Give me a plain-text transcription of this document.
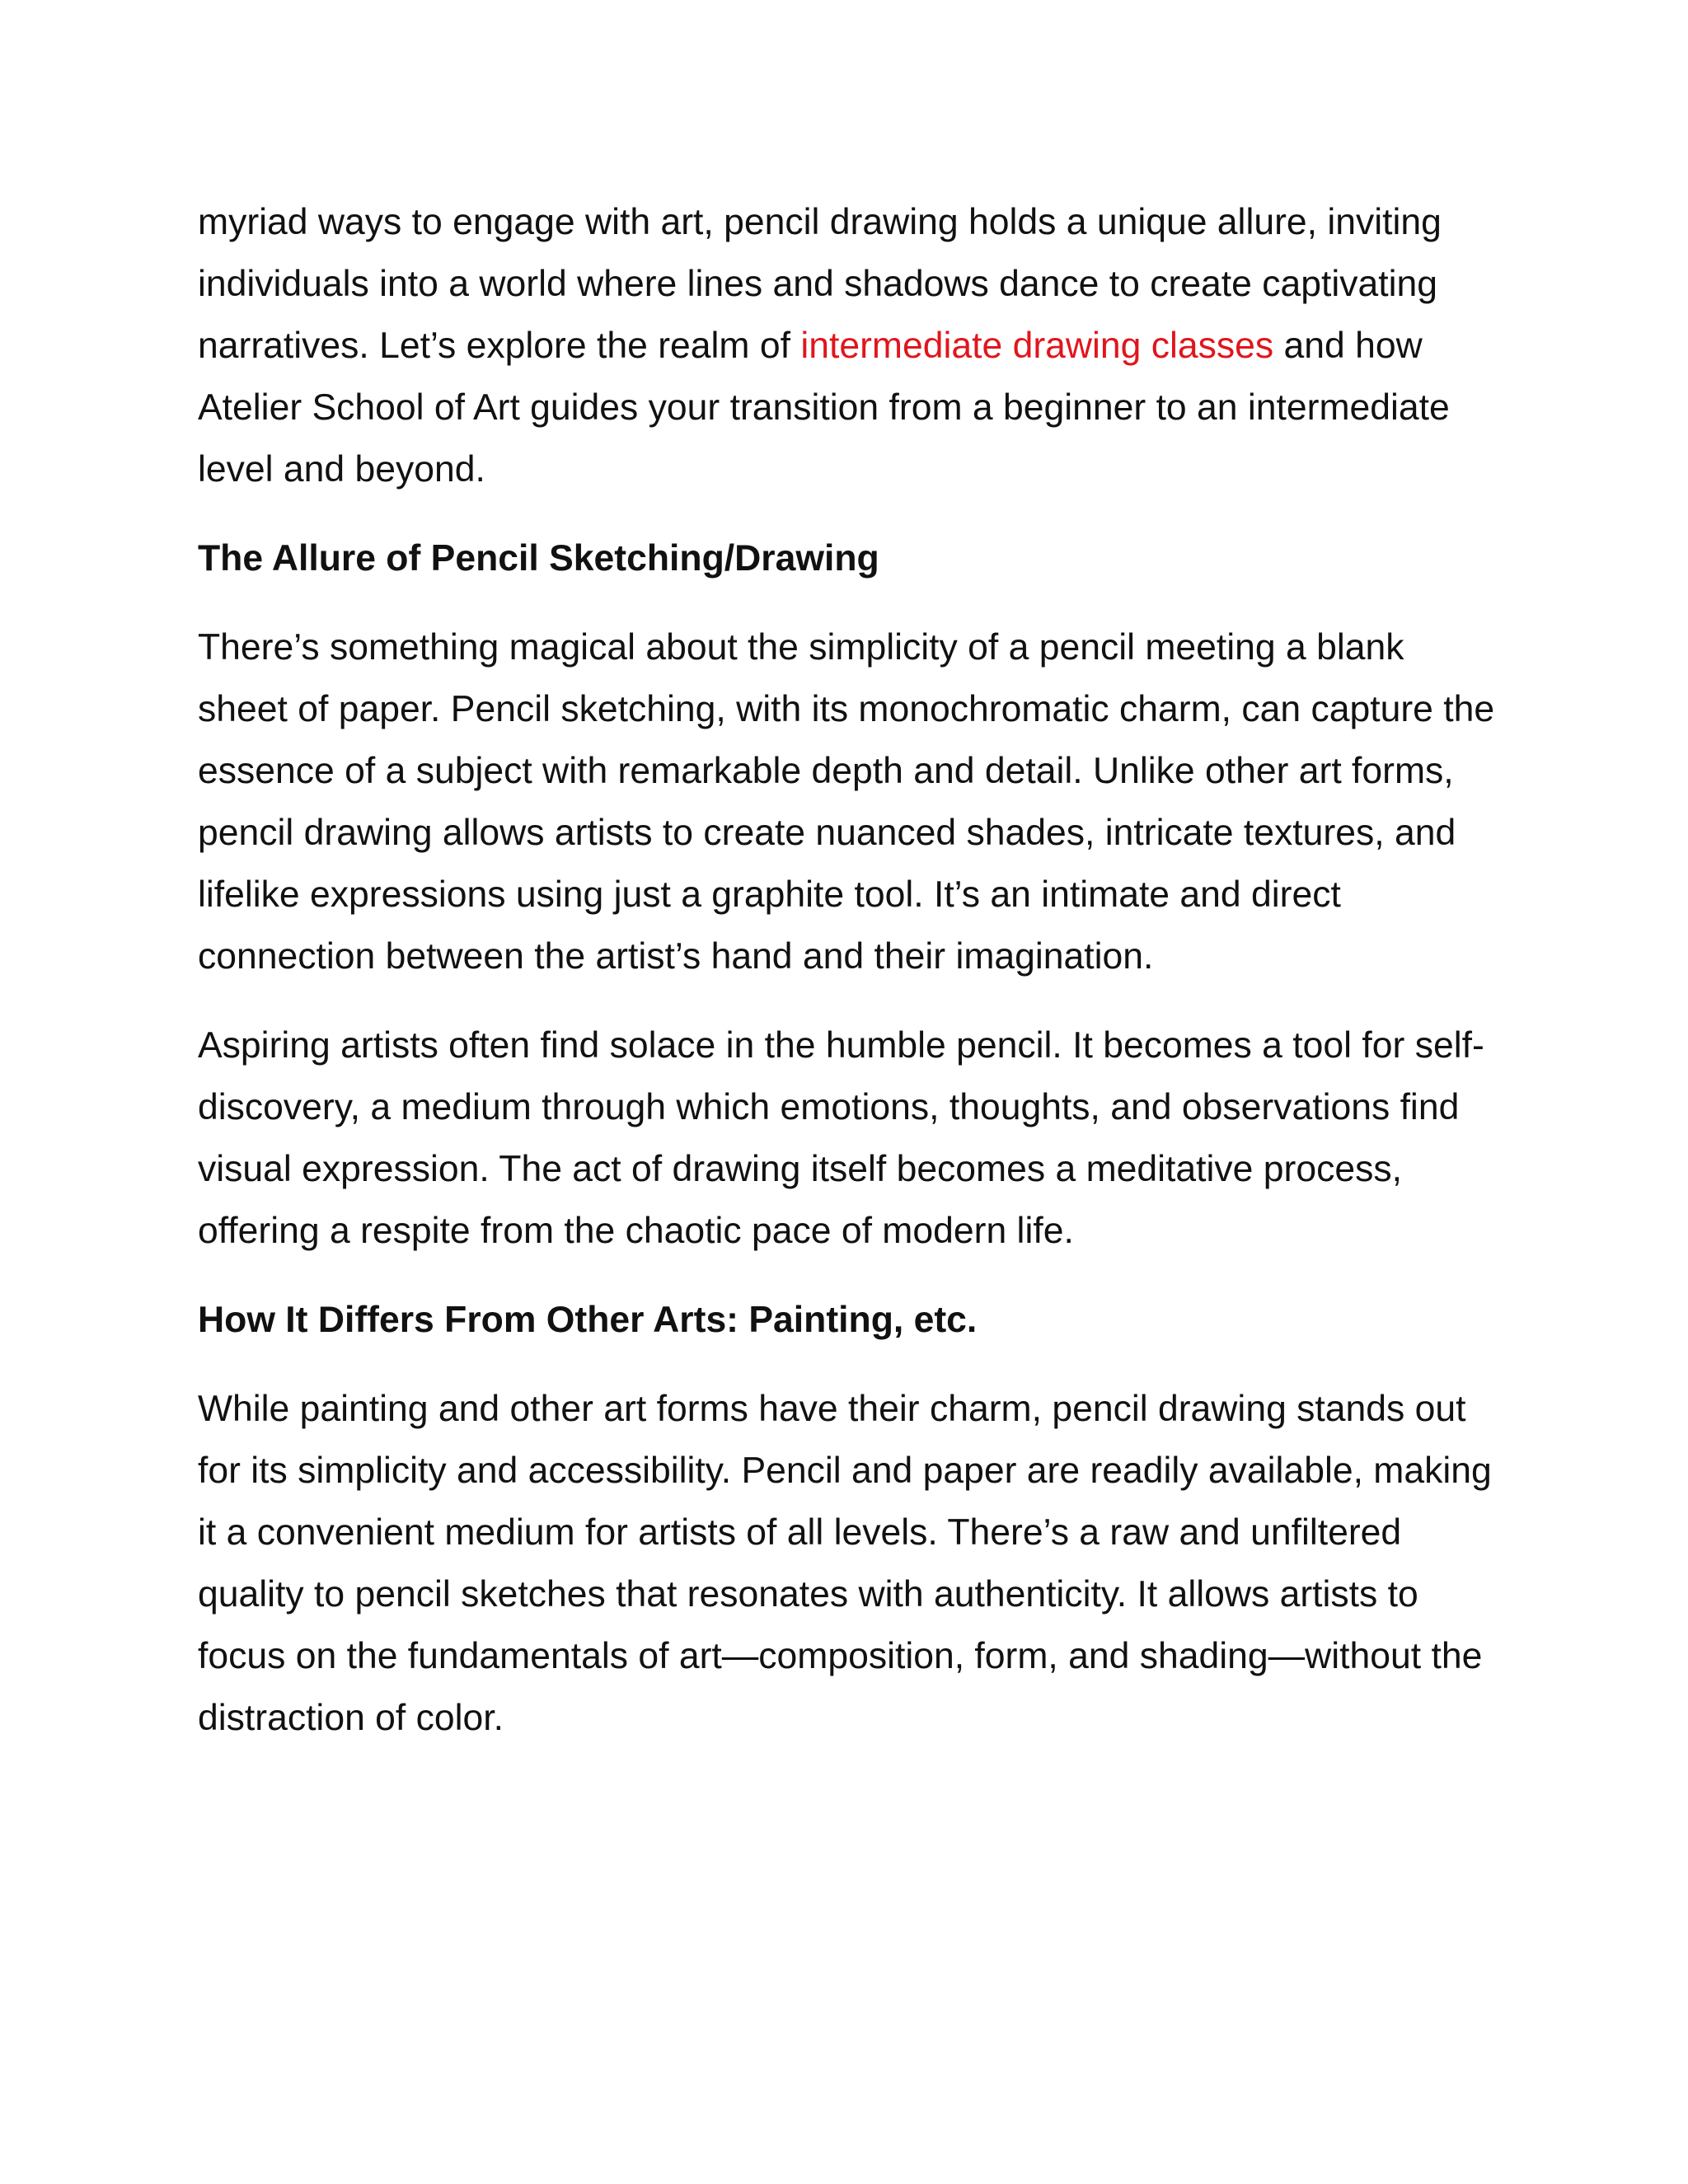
myriad ways to engage with art, pencil drawing holds a unique allure, inviting individuals into a world where lines and shadows dance to create captivating narratives. Let’s explore the realm of intermediate drawing classes and how Atelier School of Art guides your transition from a beginner to an intermediate level and beyond.

The Allure of Pencil Sketching/Drawing

There’s something magical about the simplicity of a pencil meeting a blank sheet of paper. Pencil sketching, with its monochromatic charm, can capture the essence of a subject with remarkable depth and detail. Unlike other art forms, pencil drawing allows artists to create nuanced shades, intricate textures, and lifelike expressions using just a graphite tool. It’s an intimate and direct connection between the artist’s hand and their imagination.

Aspiring artists often find solace in the humble pencil. It becomes a tool for self-discovery, a medium through which emotions, thoughts, and observations find visual expression. The act of drawing itself becomes a meditative process, offering a respite from the chaotic pace of modern life.

How It Differs From Other Arts: Painting, etc.

While painting and other art forms have their charm, pencil drawing stands out for its simplicity and accessibility. Pencil and paper are readily available, making it a convenient medium for artists of all levels. There’s a raw and unfiltered quality to pencil sketches that resonates with authenticity. It allows artists to focus on the fundamentals of art—composition, form, and shading—without the distraction of color.
